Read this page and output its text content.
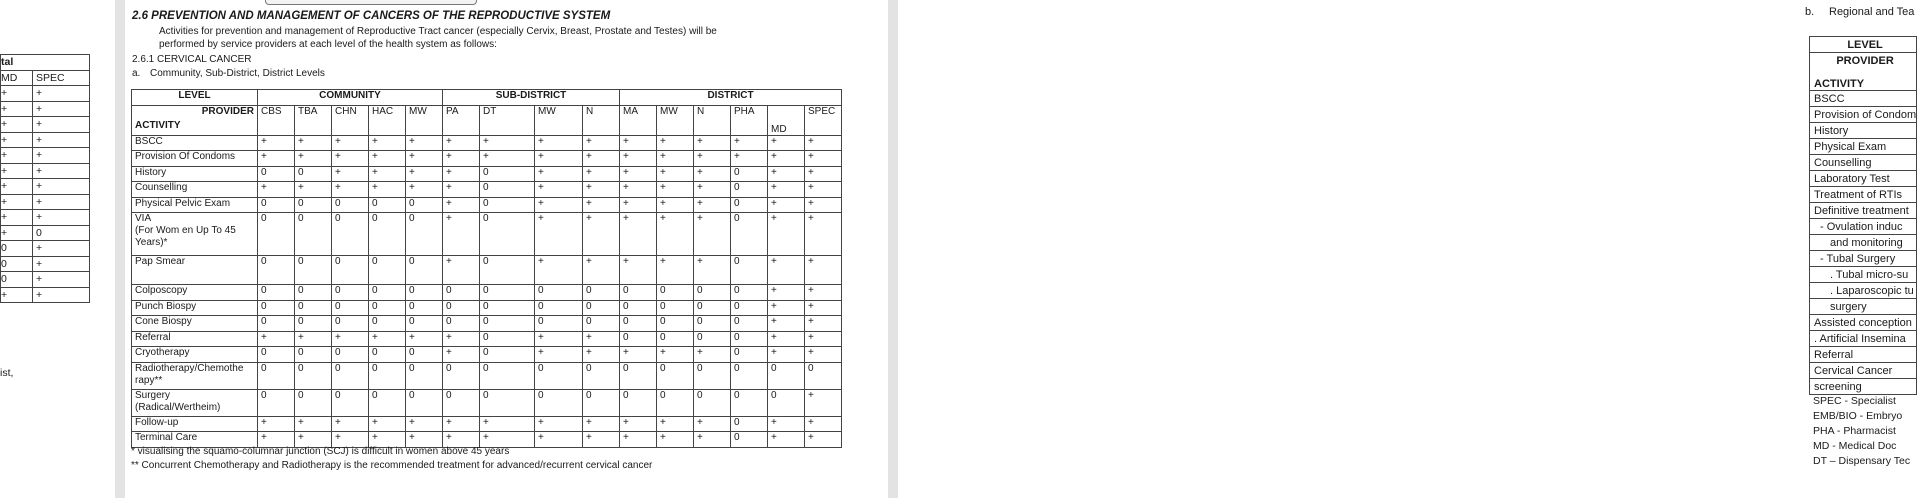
tal	
MD	SPEC
+	+
+	+
+	+
+	+
+	+
+	+
+	+
+	+
+	+
+	0
0	+
0	+
0	+
+	+
ist,
2.6 PREVENTION AND MANAGEMENT OF CANCERS OF THE REPRODUCTIVE SYSTEM
Activities for prevention and management of Reproductive Tract cancer (especially Cervix, Breast, Prostate and Testes) will be performed by service providers at each level of the health system as follows:
2.6.1 CERVICAL CANCER
a. Community, Sub-District, District Levels
LEVEL	COMMUNITY					SUB-DISTRICT				DISTRICT					
PROVIDER	CBS	TBA	CHN	HAC	MW	PA	DT	MW	N	MA	MW	N	PHA	MD	SPEC
ACTIVITY															
BSCC	+	+	+	+	+	+	+	+	+	+	+	+	+	+	+
Provision Of Condoms	+	+	+	+	+	+	+	+	+	+	+	+	+	+	+
History	0	0	+	+	+	+	0	+	+	+	+	+	0	+	+
Counselling	+	+	+	+	+	+	0	+	+	+	+	+	0	+	+
Physical Pelvic Exam	0	0	0	0	0	+	0	+	+	+	+	+	0	+	+
VIA
(For Wom en Up To 45 Years)*	0	0	0	0	0	+	0	+	+	+	+	+	0	+	+
Pap Smear	0	0	0	0	0	+	0	+	+	+	+	+	0	+	+
Colposcopy	0	0	0	0	0	0	0	0	0	0	0	0	0	+	+
Punch Biospy	0	0	0	0	0	0	0	0	0	0	0	0	0	+	+
Cone Biospy	0	0	0	0	0	0	0	0	0	0	0	0	0	+	+
Referral	+	+	+	+	+	+	0	+	+	0	0	0	0	+	+
Cryotherapy	0	0	0	0	0	+	0	+	+	+	+	+	0	+	+
Radiotherapy/Chemothe rapy**	0	0	0	0	0	0	0	0	0	0	0	0	0	0	0
Surgery
(Radical/Wertheim)	0	0	0	0	0	0	0	0	0	0	0	0	0	0	+
Follow-up	+	+	+	+	+	+	+	+	+	+	+	+	0	+	+
Terminal Care	+	+	+	+	+	+	+	+	+	+	+	+	0	+	+
* visualising the squamo-columnar junction (SCJ) is difficult in women above 45 years
** Concurrent Chemotherapy and Radiotherapy is the recommended treatment for advanced/recurrent cervical cancer
b. Regional and Tea
LEVEL
PROVIDER
ACTIVITY
BSCC
Provision of Condom
History
Physical Exam
Counselling
Laboratory Test
Treatment of RTIs
Definitive treatment
- Ovulation induc
and monitoring
- Tubal Surgery
. Tubal micro-su
. Laparoscopic tu
surgery
Assisted conception
. Artificial Insemina
Referral
Cervical Cancer
screening
SPEC - Specialist
EMB/BIO - Embryo
PHA - Pharmacist
MD - Medical Doc
DT – Dispensary Tec
